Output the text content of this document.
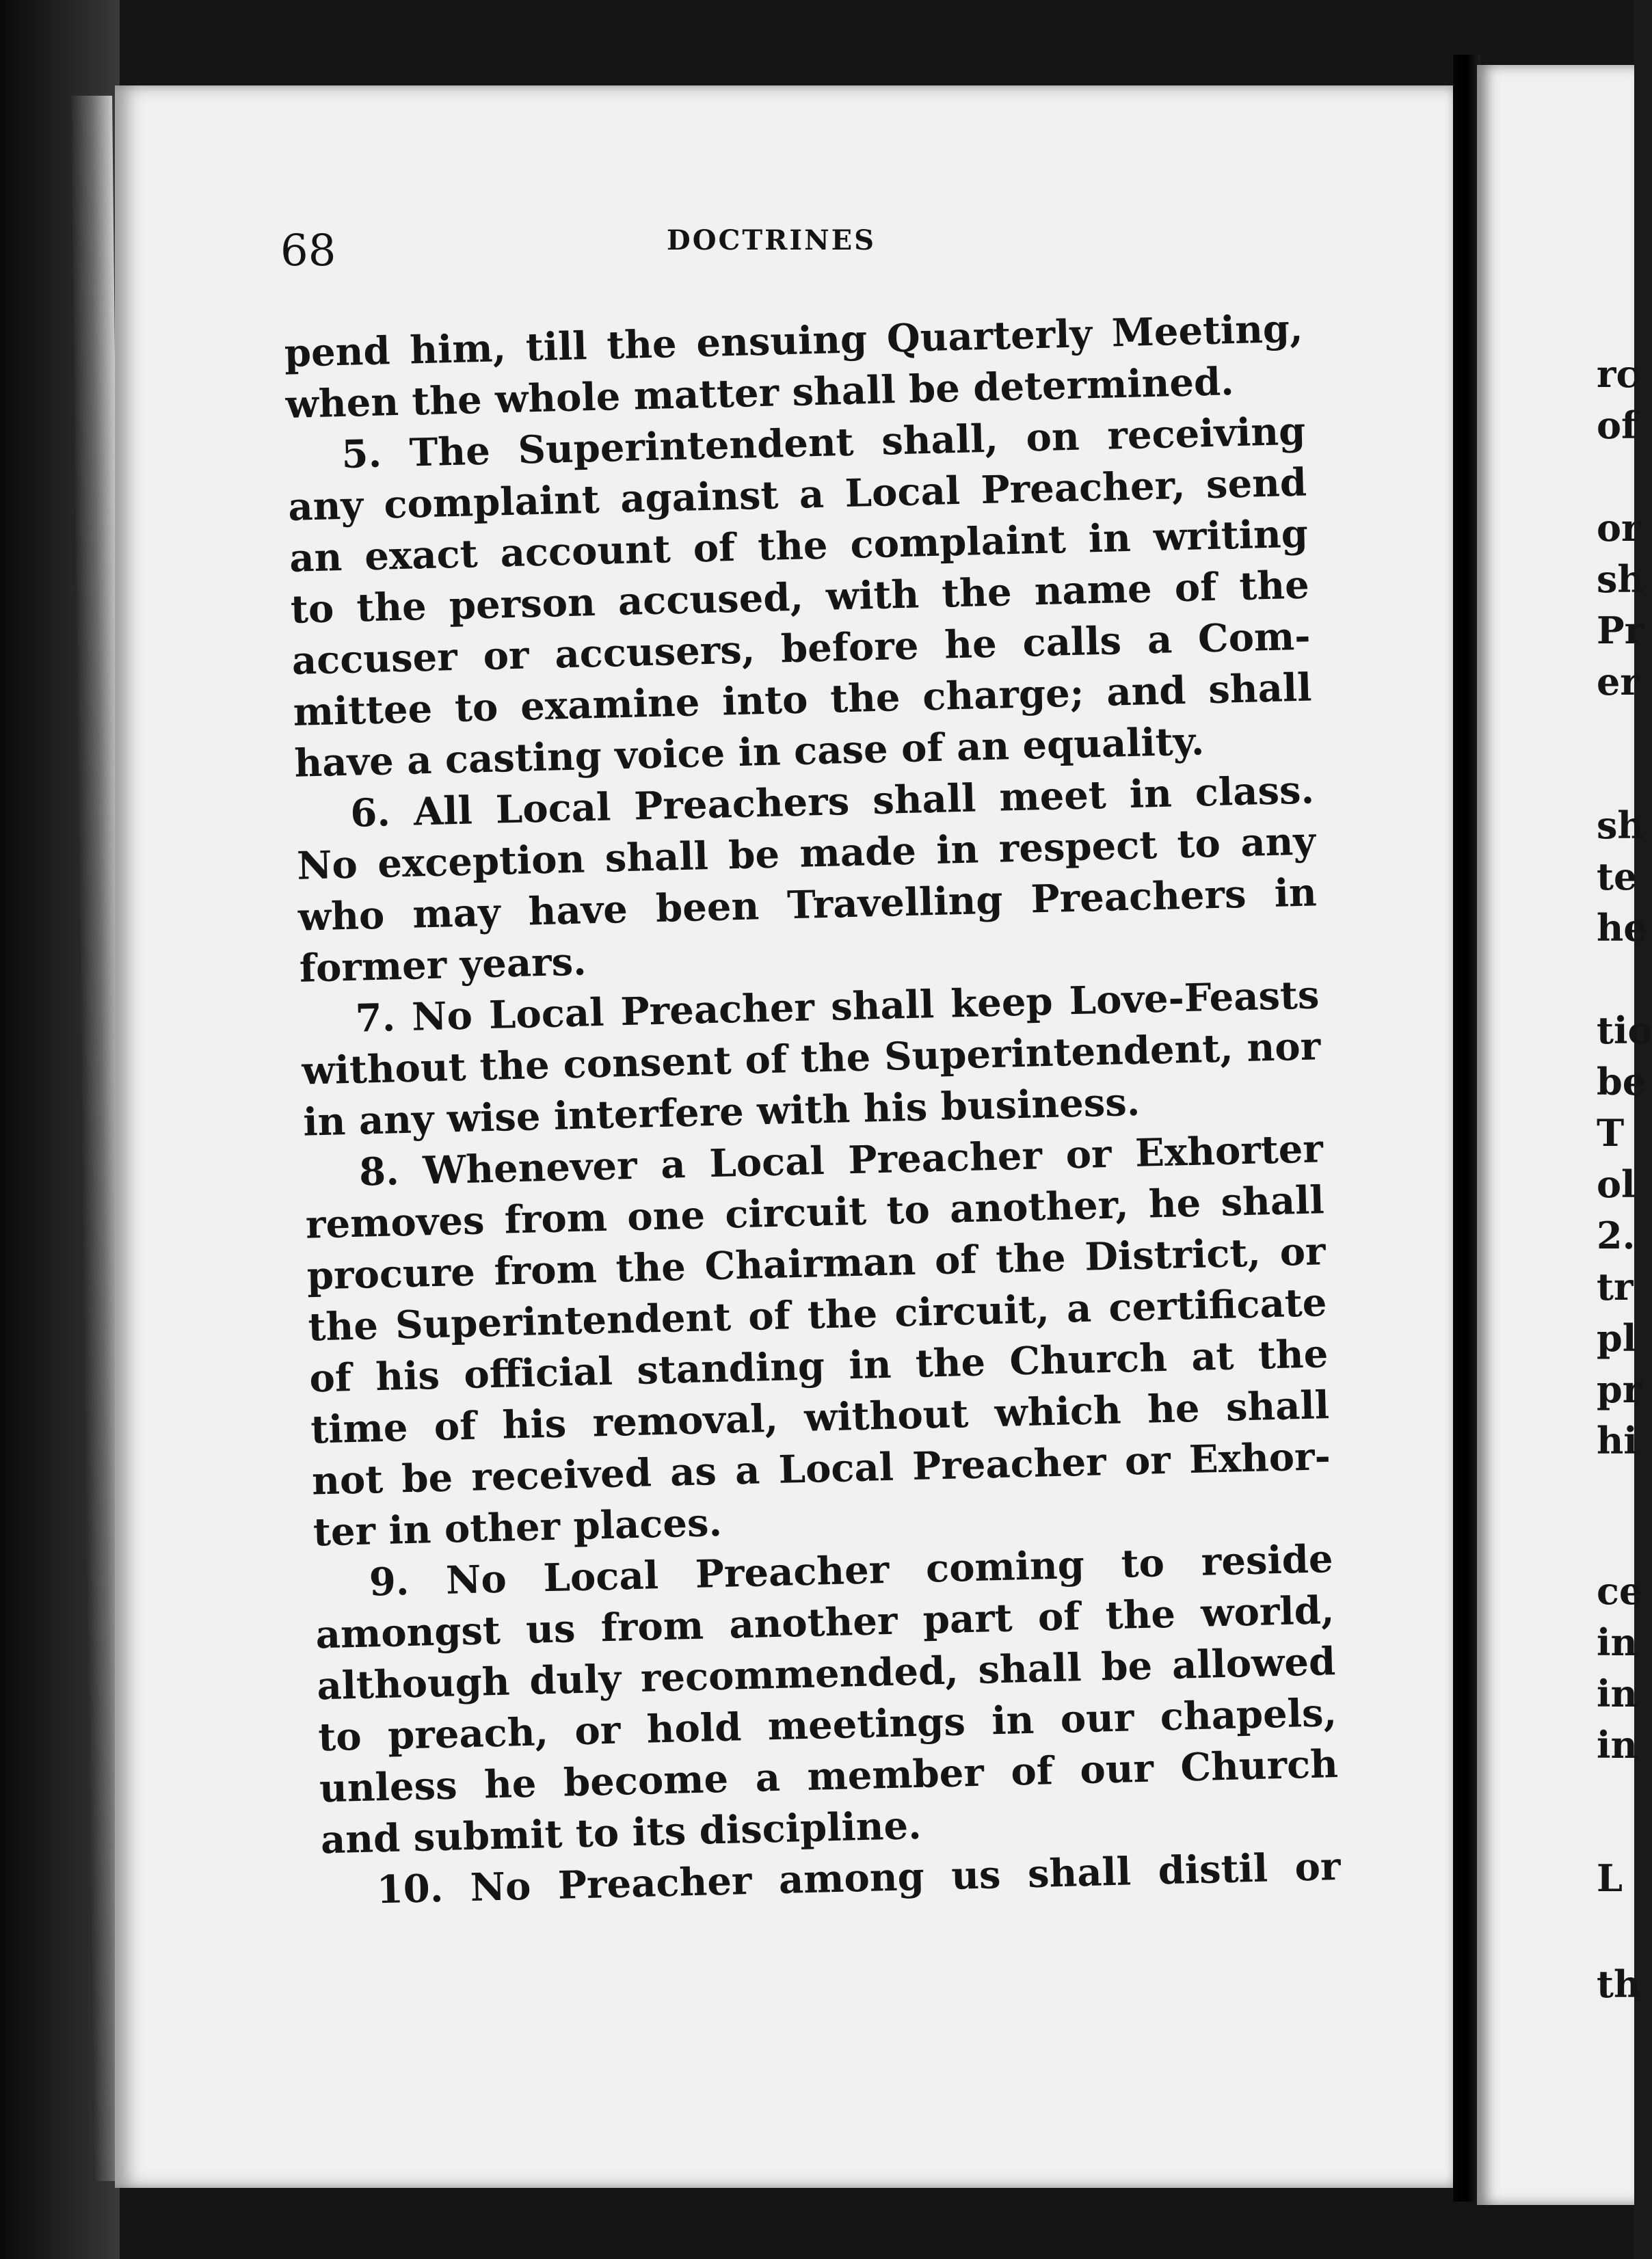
68	DOCTRINES
pend him, till the ensuing Quarterly Meeting,
when the whole matter shall be determined.
5. The Superintendent shall, on receiving
any complaint against a Local Preacher, send
an exact account of the complaint in writing
to the person accused, with the name of the
accuser or accusers, before he calls a Com-
mittee to examine into the charge; and shall
have a casting voice in case of an equality.
6. All Local Preachers shall meet in class.
No exception shall be made in respect to any
who may have been Travelling Preachers in
former years.
7. No Local Preacher shall keep Love-Feasts
without the consent of the Superintendent, nor
in any wise interfere with his business.
8. Whenever a Local Preacher or Exhorter
removes from one circuit to another, he shall
procure from the Chairman of the District, or
the Superintendent of the circuit, a certificate
of his official standing in the Church at the
time of his removal, without which he shall
not be received as a Local Preacher or Exhor-
ter in other places.
9. No Local Preacher coming to reside
amongst us from another part of the world,
although duly recommended, shall be allowed
to preach, or hold meetings in our chapels,
unless he become a member of our Church
and submit to its discipline.
10. No Preacher among us shall distil or
rc
of
or
sh
Pr
er
sh
te
he
tio
be
T
ol
2.
tr
pl
pr
hi
ce
in
in
in
L
th
